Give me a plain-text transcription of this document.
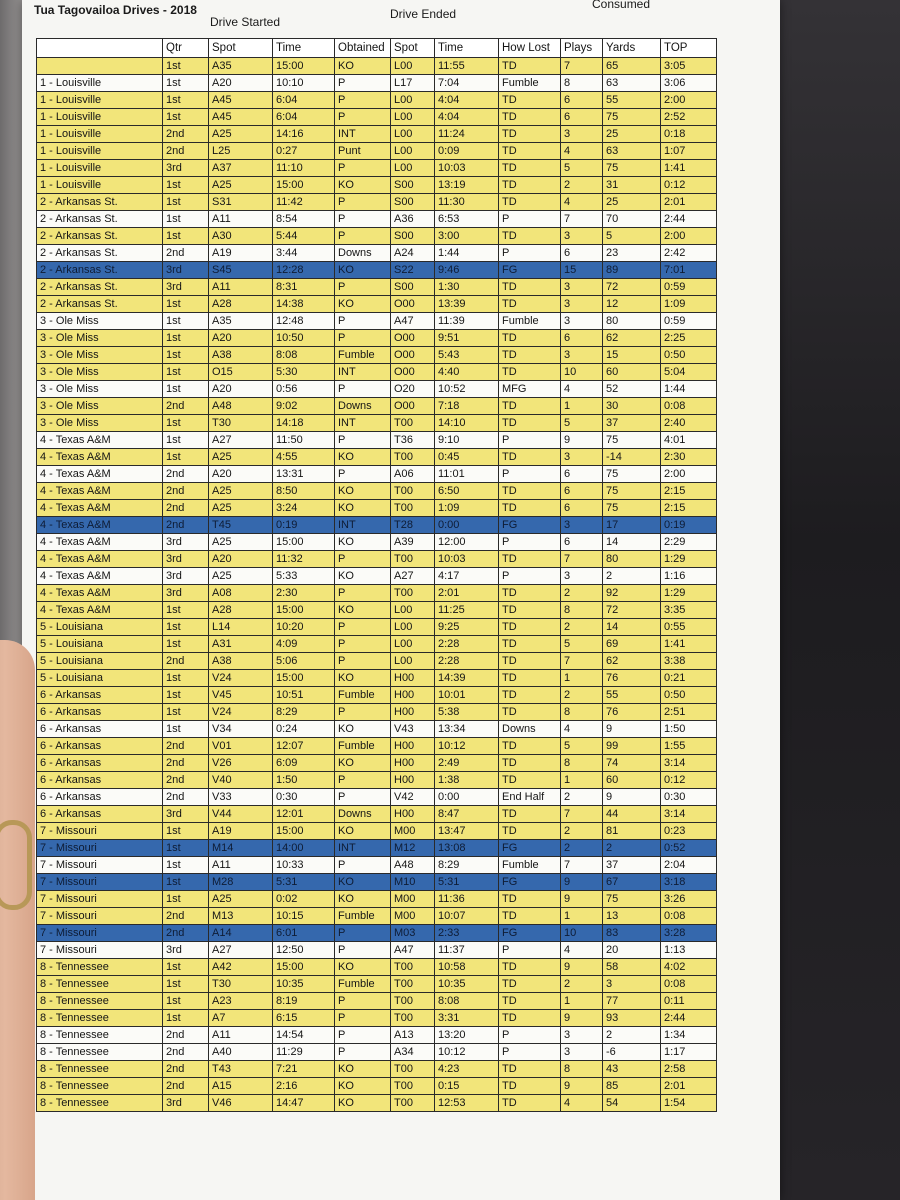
Tua Tagovailoa Drives - 2018
Drive Started
Drive Ended
Consumed
	Qtr	Spot	Time	Obtained	Spot	Time	How Lost	Plays	Yards	TOP
	1st	A35	15:00	KO	L00	11:55	TD	7	65	3:05
1 - Louisville	1st	A20	10:10	P	L17	7:04	Fumble	8	63	3:06
1 - Louisville	1st	A45	6:04	P	L00	4:04	TD	6	55	2:00
1 - Louisville	1st	A45	6:04	P	L00	4:04	TD	6	75	2:52
1 - Louisville	2nd	A25	14:16	INT	L00	11:24	TD	3	25	0:18
1 - Louisville	2nd	L25	0:27	Punt	L00	0:09	TD	4	63	1:07
1 - Louisville	3rd	A37	11:10	P	L00	10:03	TD	5	75	1:41
1 - Louisville	1st	A25	15:00	KO	S00	13:19	TD	2	31	0:12
2 - Arkansas St.	1st	S31	11:42	P	S00	11:30	TD	4	25	2:01
2 - Arkansas St.	1st	A11	8:54	P	A36	6:53	P	7	70	2:44
2 - Arkansas St.	1st	A30	5:44	P	S00	3:00	TD	3	5	2:00
2 - Arkansas St.	2nd	A19	3:44	Downs	A24	1:44	P	6	23	2:42
2 - Arkansas St.	3rd	S45	12:28	KO	S22	9:46	FG	15	89	7:01
2 - Arkansas St.	3rd	A11	8:31	P	S00	1:30	TD	3	72	0:59
2 - Arkansas St.	1st	A28	14:38	KO	O00	13:39	TD	3	12	1:09
3 - Ole Miss	1st	A35	12:48	P	A47	11:39	Fumble	3	80	0:59
3 - Ole Miss	1st	A20	10:50	P	O00	9:51	TD	6	62	2:25
3 - Ole Miss	1st	A38	8:08	Fumble	O00	5:43	TD	3	15	0:50
3 - Ole Miss	1st	O15	5:30	INT	O00	4:40	TD	10	60	5:04
3 - Ole Miss	1st	A20	0:56	P	O20	10:52	MFG	4	52	1:44
3 - Ole Miss	2nd	A48	9:02	Downs	O00	7:18	TD	1	30	0:08
3 - Ole Miss	1st	T30	14:18	INT	T00	14:10	TD	5	37	2:40
4 - Texas A&M	1st	A27	11:50	P	T36	9:10	P	9	75	4:01
4 - Texas A&M	1st	A25	4:55	KO	T00	0:45	TD	3	-14	2:30
4 - Texas A&M	2nd	A20	13:31	P	A06	11:01	P	6	75	2:00
4 - Texas A&M	2nd	A25	8:50	KO	T00	6:50	TD	6	75	2:15
4 - Texas A&M	2nd	A25	3:24	KO	T00	1:09	TD	6	75	2:15
4 - Texas A&M	2nd	T45	0:19	INT	T28	0:00	FG	3	17	0:19
4 - Texas A&M	3rd	A25	15:00	KO	A39	12:00	P	6	14	2:29
4 - Texas A&M	3rd	A20	11:32	P	T00	10:03	TD	7	80	1:29
4 - Texas A&M	3rd	A25	5:33	KO	A27	4:17	P	3	2	1:16
4 - Texas A&M	3rd	A08	2:30	P	T00	2:01	TD	2	92	1:29
4 - Texas A&M	1st	A28	15:00	KO	L00	11:25	TD	8	72	3:35
5 - Louisiana	1st	L14	10:20	P	L00	9:25	TD	2	14	0:55
5 - Louisiana	1st	A31	4:09	P	L00	2:28	TD	5	69	1:41
5 - Louisiana	2nd	A38	5:06	P	L00	2:28	TD	7	62	3:38
5 - Louisiana	1st	V24	15:00	KO	H00	14:39	TD	1	76	0:21
6 - Arkansas	1st	V45	10:51	Fumble	H00	10:01	TD	2	55	0:50
6 - Arkansas	1st	V24	8:29	P	H00	5:38	TD	8	76	2:51
6 - Arkansas	1st	V34	0:24	KO	V43	13:34	Downs	4	9	1:50
6 - Arkansas	2nd	V01	12:07	Fumble	H00	10:12	TD	5	99	1:55
6 - Arkansas	2nd	V26	6:09	KO	H00	2:49	TD	8	74	3:14
6 - Arkansas	2nd	V40	1:50	P	H00	1:38	TD	1	60	0:12
6 - Arkansas	2nd	V33	0:30	P	V42	0:00	End Half	2	9	0:30
6 - Arkansas	3rd	V44	12:01	Downs	H00	8:47	TD	7	44	3:14
7 - Missouri	1st	A19	15:00	KO	M00	13:47	TD	2	81	0:23
7 - Missouri	1st	M14	14:00	INT	M12	13:08	FG	2	2	0:52
7 - Missouri	1st	A11	10:33	P	A48	8:29	Fumble	7	37	2:04
7 - Missouri	1st	M28	5:31	KO	M10	5:31	FG	9	67	3:18
7 - Missouri	1st	A25	0:02	KO	M00	11:36	TD	9	75	3:26
7 - Missouri	2nd	M13	10:15	Fumble	M00	10:07	TD	1	13	0:08
7 - Missouri	2nd	A14	6:01	P	M03	2:33	FG	10	83	3:28
7 - Missouri	3rd	A27	12:50	P	A47	11:37	P	4	20	1:13
8 - Tennessee	1st	A42	15:00	KO	T00	10:58	TD	9	58	4:02
8 - Tennessee	1st	T30	10:35	Fumble	T00	10:35	TD	2	3	0:08
8 - Tennessee	1st	A23	8:19	P	T00	8:08	TD	1	77	0:11
8 - Tennessee	1st	A7	6:15	P	T00	3:31	TD	9	93	2:44
8 - Tennessee	2nd	A11	14:54	P	A13	13:20	P	3	2	1:34
8 - Tennessee	2nd	A40	11:29	P	A34	10:12	P	3	-6	1:17
8 - Tennessee	2nd	T43	7:21	KO	T00	4:23	TD	8	43	2:58
8 - Tennessee	2nd	A15	2:16	KO	T00	0:15	TD	9	85	2:01
8 - Tennessee	3rd	V46	14:47	KO	T00	12:53	TD	4	54	1:54
